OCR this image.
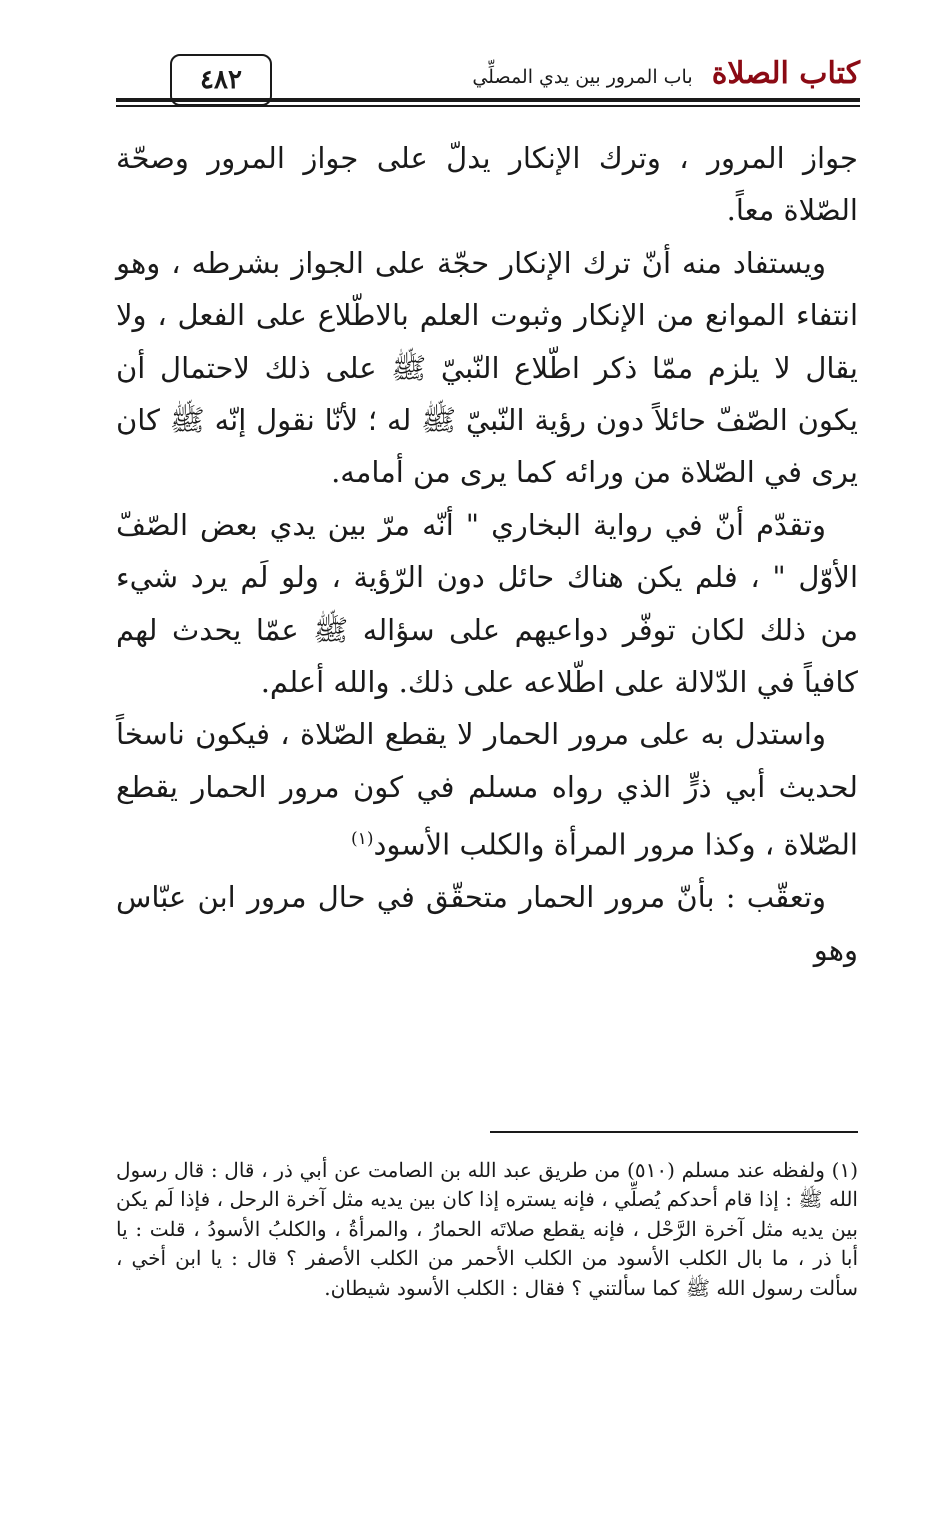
٤٨٢	كتاب الصلاة باب المرور بين يدي المصلِّي

جواز المرور ، وترك الإنكار يدلّ على جواز المرور وصحّة الصّلاة معاً.

ويستفاد منه أنّ ترك الإنكار حجّة على الجواز بشرطه ، وهو انتفاء الموانع من الإنكار وثبوت العلم بالاطّلاع على الفعل ، ولا يقال لا يلزم ممّا ذكر اطّلاع النّبيّ ﷺ على ذلك لاحتمال أن يكون الصّفّ حائلاً دون رؤية النّبيّ ﷺ له ؛ لأنّا نقول إنّه ﷺ كان يرى في الصّلاة من ورائه كما يرى من أمامه.

وتقدّم أنّ في رواية البخاري " أنّه مرّ بين يدي بعض الصّفّ الأوّل " ، فلم يكن هناك حائل دون الرّؤية ، ولو لَم يرد شيء من ذلك لكان توفّر دواعيهم على سؤاله ﷺ عمّا يحدث لهم كافياً في الدّلالة على اطّلاعه على ذلك. والله أعلم.

واستدل به على مرور الحمار لا يقطع الصّلاة ، فيكون ناسخاً لحديث أبي ذرٍّ الذي رواه مسلم في كون مرور الحمار يقطع الصّلاة ، وكذا مرور المرأة والكلب الأسود$^{(١)}$

وتعقّب : بأنّ مرور الحمار متحقّق في حال مرور ابن عبّاس وهو

(١) ولفظه عند مسلم (٥١٠) من طريق عبد الله بن الصامت عن أبي ذر ، قال : قال رسول الله ﷺ : إذا قام أحدكم يُصلِّي ، فإنه يستره إذا كان بين يديه مثل آخرة الرحل ، فإذا لَم يكن بين يديه مثل آخرة الرَّحْل ، فإنه يقطع صلاتَه الحمارُ ، والمرأةُ ، والكلبُ الأسودُ ، قلت : يا أبا ذر ، ما بال الكلب الأسود من الكلب الأحمر من الكلب الأصفر ؟ قال : يا ابن أخي ، سألت رسول الله ﷺ كما سألتني ؟ فقال : الكلب الأسود شيطان.
